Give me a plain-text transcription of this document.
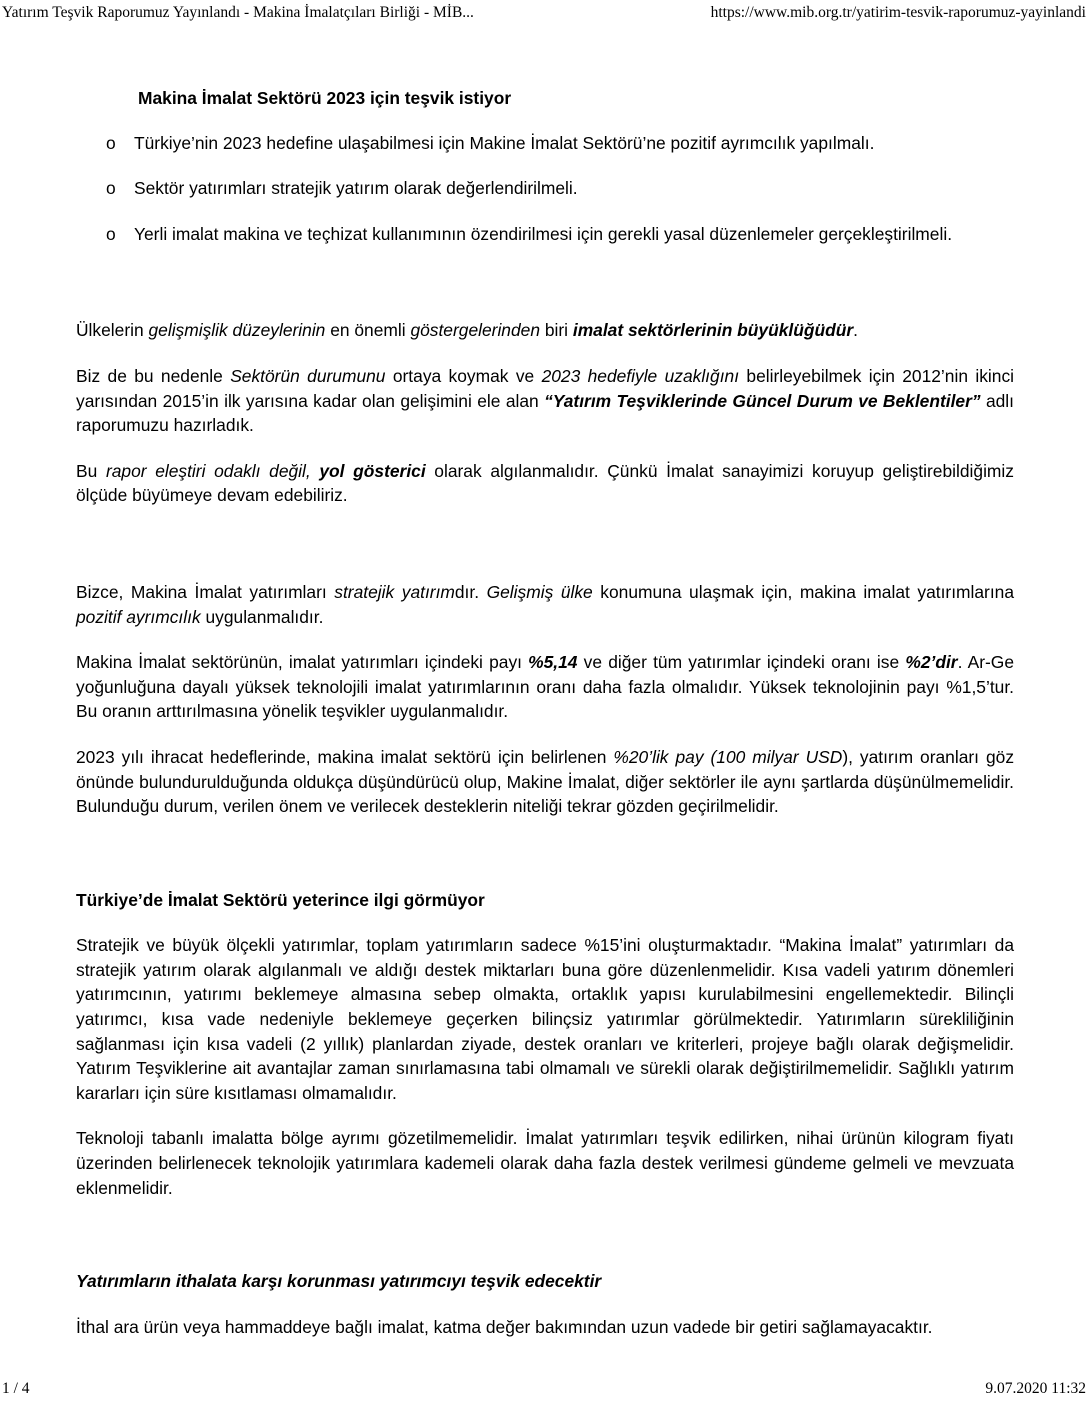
Yatırım Teşvik Raporumuz Yayınlandı - Makina İmalatçıları Birliği - MİB...	https://www.mib.org.tr/yatirim-tesvik-raporumuz-yayinlandi
Makina İmalat Sektörü 2023 için teşvik istiyor
o Türkiye’nin 2023 hedefine ulaşabilmesi için Makine İmalat Sektörü’ne pozitif ayrımcılık yapılmalı.
o Sektör yatırımları stratejik yatırım olarak değerlendirilmeli.
o Yerli imalat makina ve teçhizat kullanımının özendirilmesi için gerekli yasal düzenlemeler gerçekleştirilmeli.

Ülkelerin gelişmişlik düzeylerinin en önemli göstergelerinden biri imalat sektörlerinin büyüklüğüdür.

Biz de bu nedenle Sektörün durumunu ortaya koymak ve 2023 hedefiyle uzaklığını belirleyebilmek için 2012’nin ikinci yarısından 2015’in ilk yarısına kadar olan gelişimini ele alan “Yatırım Teşviklerinde Güncel Durum ve Beklentiler” adlı raporumuzu hazırladık.

Bu rapor eleştiri odaklı değil, yol gösterici olarak algılanmalıdır. Çünkü İmalat sanayimizi koruyup geliştirebildiğimiz ölçüde büyümeye devam edebiliriz.

Bizce, Makina İmalat yatırımları stratejik yatırımdır. Gelişmiş ülke konumuna ulaşmak için, makina imalat yatırımlarına pozitif ayrımcılık uygulanmalıdır.

Makina İmalat sektörünün, imalat yatırımları içindeki payı %5,14 ve diğer tüm yatırımlar içindeki oranı ise %2’dir. Ar-Ge yoğunluğuna dayalı yüksek teknolojili imalat yatırımlarının oranı daha fazla olmalıdır. Yüksek teknolojinin payı %1,5’tur. Bu oranın arttırılmasına yönelik teşvikler uygulanmalıdır.

2023 yılı ihracat hedeflerinde, makina imalat sektörü için belirlenen %20’lik pay (100 milyar USD), yatırım oranları göz önünde bulundurulduğunda oldukça düşündürücü olup, Makine İmalat, diğer sektörler ile aynı şartlarda düşünülmemelidir. Bulunduğu durum, verilen önem ve verilecek desteklerin niteliği tekrar gözden geçirilmelidir.

Türkiye’de İmalat Sektörü yeterince ilgi görmüyor

Stratejik ve büyük ölçekli yatırımlar, toplam yatırımların sadece %15’ini oluşturmaktadır. “Makina İmalat” yatırımları da stratejik yatırım olarak algılanmalı ve aldığı destek miktarları buna göre düzenlenmelidir. Kısa vadeli yatırım dönemleri yatırımcının, yatırımı beklemeye almasına sebep olmakta, ortaklık yapısı kurulabilmesini engellemektedir. Bilinçli yatırımcı, kısa vade nedeniyle beklemeye geçerken bilinçsiz yatırımlar görülmektedir. Yatırımların sürekliliğinin sağlanması için kısa vadeli (2 yıllık) planlardan ziyade, destek oranları ve kriterleri, projeye bağlı olarak değişmelidir. Yatırım Teşviklerine ait avantajlar zaman sınırlamasına tabi olmamalı ve sürekli olarak değiştirilmemelidir. Sağlıklı yatırım kararları için süre kısıtlaması olmamalıdır.

Teknoloji tabanlı imalatta bölge ayrımı gözetilmemelidir. İmalat yatırımları teşvik edilirken, nihai ürünün kilogram fiyatı üzerinden belirlenecek teknolojik yatırımlara kademeli olarak daha fazla destek verilmesi gündeme gelmeli ve mevzuata eklenmelidir.

Yatırımların ithalata karşı korunması yatırımcıyı teşvik edecektir

İthal ara ürün veya hammaddeye bağlı imalat, katma değer bakımından uzun vadede bir getiri sağlamayacaktır.

1 / 4	9.07.2020 11:32
